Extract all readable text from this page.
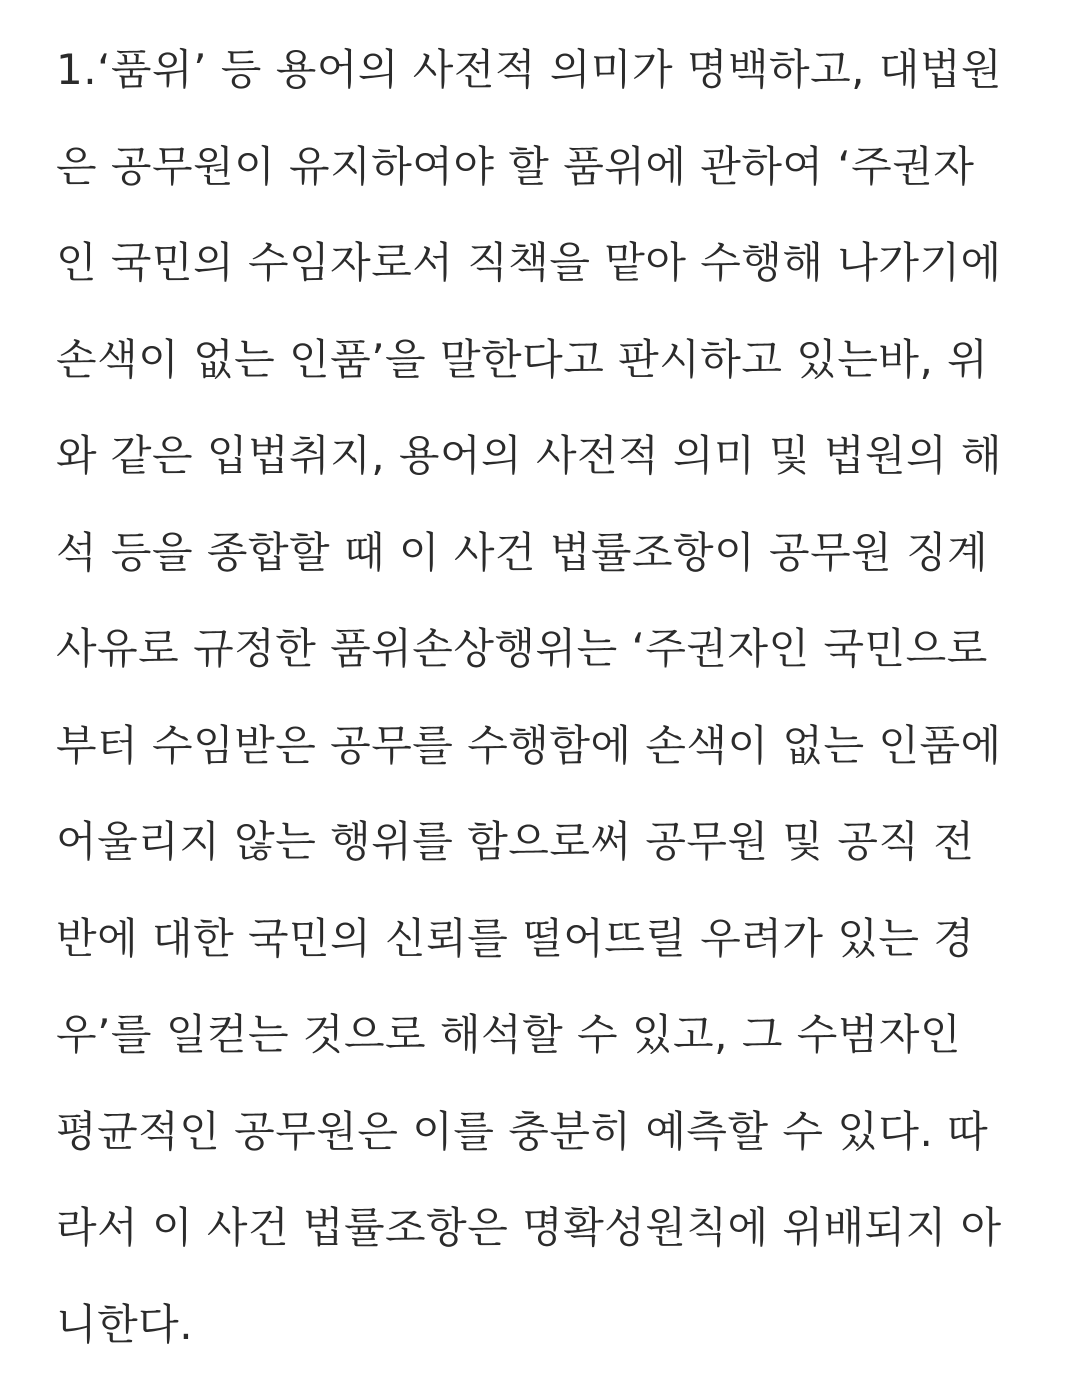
1.‘품위’ 등 용어의 사전적 의미가 명백하고, 대법원
은 공무원이 유지하여야 할 품위에 관하여 ‘주권자
인 국민의 수임자로서 직책을 맡아 수행해 나가기에
손색이 없는 인품’을 말한다고 판시하고 있는바, 위
와 같은 입법취지, 용어의 사전적 의미 및 법원의 해
석 등을 종합할 때 이 사건 법률조항이 공무원 징계
사유로 규정한 품위손상행위는 ‘주권자인 국민으로
부터 수임받은 공무를 수행함에 손색이 없는 인품에
어울리지 않는 행위를 함으로써 공무원 및 공직 전
반에 대한 국민의 신뢰를 떨어뜨릴 우려가 있는 경
우’를 일컫는 것으로 해석할 수 있고, 그 수범자인
평균적인 공무원은 이를 충분히 예측할 수 있다. 따
라서 이 사건 법률조항은 명확성원칙에 위배되지 아
니한다.
